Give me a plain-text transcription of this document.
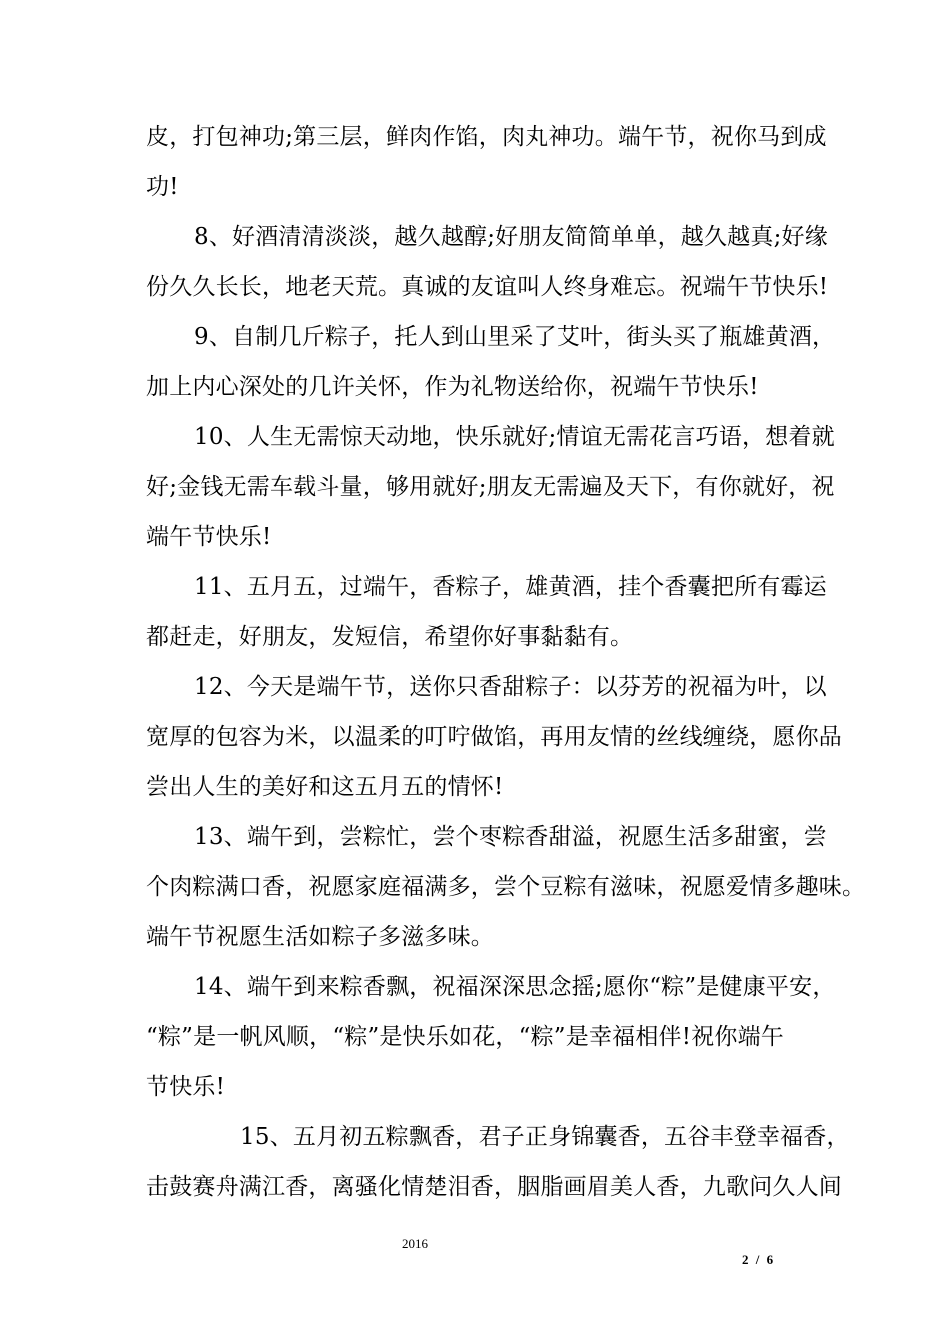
皮，打包神功;第三层，鲜肉作馅，肉丸神功。端午节，祝你马到成
功!
8、好酒清清淡淡，越久越醇;好朋友简简单单，越久越真;好缘
份久久长长，地老天荒。真诚的友谊叫人终身难忘。祝端午节快乐!
9、自制几斤粽子，托人到山里采了艾叶，街头买了瓶雄黄酒，
加上内心深处的几许关怀，作为礼物送给你，祝端午节快乐!
10、人生无需惊天动地，快乐就好;情谊无需花言巧语，想着就
好;金钱无需车载斗量，够用就好;朋友无需遍及天下，有你就好，祝
端午节快乐!
11、五月五，过端午，香粽子，雄黄酒，挂个香囊把所有霉运
都赶走，好朋友，发短信，希望你好事黏黏有。
12、今天是端午节，送你只香甜粽子：以芬芳的祝福为叶，以
宽厚的包容为米，以温柔的叮咛做馅，再用友情的丝线缠绕，愿你品
尝出人生的美好和这五月五的情怀!
13、端午到，尝粽忙，尝个枣粽香甜溢，祝愿生活多甜蜜，尝
个肉粽满口香，祝愿家庭福满多，尝个豆粽有滋味，祝愿爱情多趣味。
端午节祝愿生活如粽子多滋多味。
14、端午到来粽香飘，祝福深深思念摇;愿你“粽”是健康平安，
“粽”是一帆风顺，“粽”是快乐如花，“粽”是幸福相伴!祝你端午
节快乐!
15、五月初五粽飘香，君子正身锦囊香，五谷丰登幸福香，
击鼓赛舟满江香，离骚化情楚泪香，胭脂画眉美人香，九歌问久人间
2016
2 / 6
